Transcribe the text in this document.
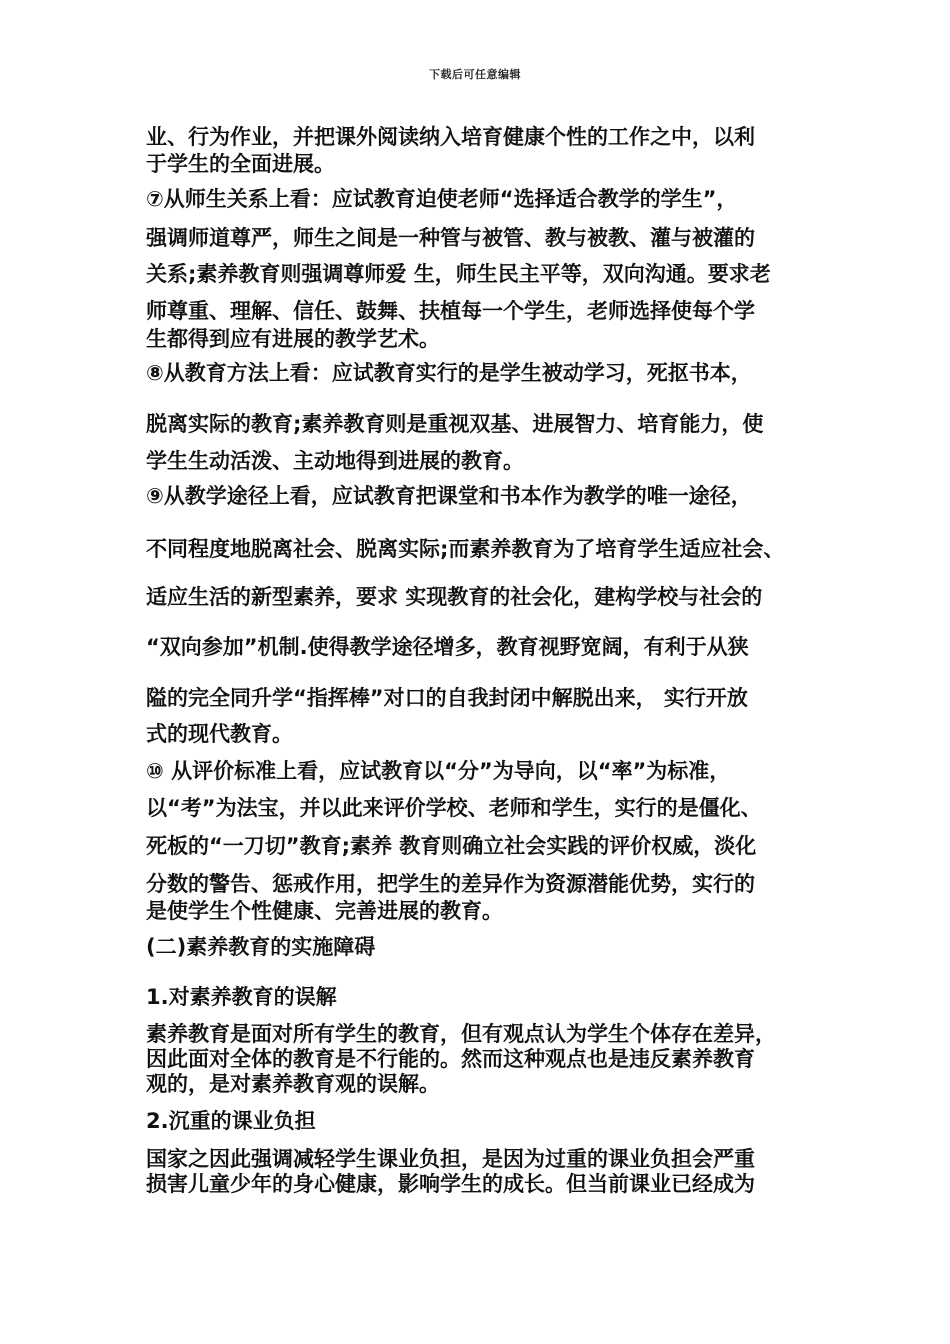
下载后可任意编辑
业、行为作业，并把课外阅读纳入培育健康个性的工作之中，以利
于学生的全面进展。
⑦从师生关系上看：应试教育迫使老师“选择适合教学的学生”，
强调师道尊严，师生之间是一种管与被管、教与被教、灌与被灌的
关系;素养教育则强调尊师爱 生，师生民主平等，双向沟通。要求老
师尊重、理解、信任、鼓舞、扶植每一个学生，老师选择使每个学
生都得到应有进展的教学艺术。
⑧从教育方法上看：应试教育实行的是学生被动学习，死抠书本，
脱离实际的教育;素养教育则是重视双基、进展智力、培育能力，使
学生生动活泼、主动地得到进展的教育。
⑨从教学途径上看，应试教育把课堂和书本作为教学的唯一途径，
不同程度地脱离社会、脱离实际;而素养教育为了培育学生适应社会、
适应生活的新型素养，要求 实现教育的社会化，建构学校与社会的
“双向参加”机制.使得教学途径增多，教育视野宽阔，有利于从狭
隘的完全同升学“指挥棒”对口的自我封闭中解脱出来， 实行开放
式的现代教育。
⑩ 从评价标准上看，应试教育以“分”为导向，以“率”为标准，
以“考”为法宝，并以此来评价学校、老师和学生，实行的是僵化、
死板的“一刀切”教育;素养 教育则确立社会实践的评价权威，淡化
分数的警告、惩戒作用，把学生的差异作为资源潜能优势，实行的
是使学生个性健康、完善进展的教育。
(二)素养教育的实施障碍
1.对素养教育的误解
素养教育是面对所有学生的教育，但有观点认为学生个体存在差异，
因此面对全体的教育是不行能的。然而这种观点也是违反素养教育
观的，是对素养教育观的误解。
2.沉重的课业负担
国家之因此强调减轻学生课业负担，是因为过重的课业负担会严重
损害儿童少年的身心健康，影响学生的成长。但当前课业已经成为
